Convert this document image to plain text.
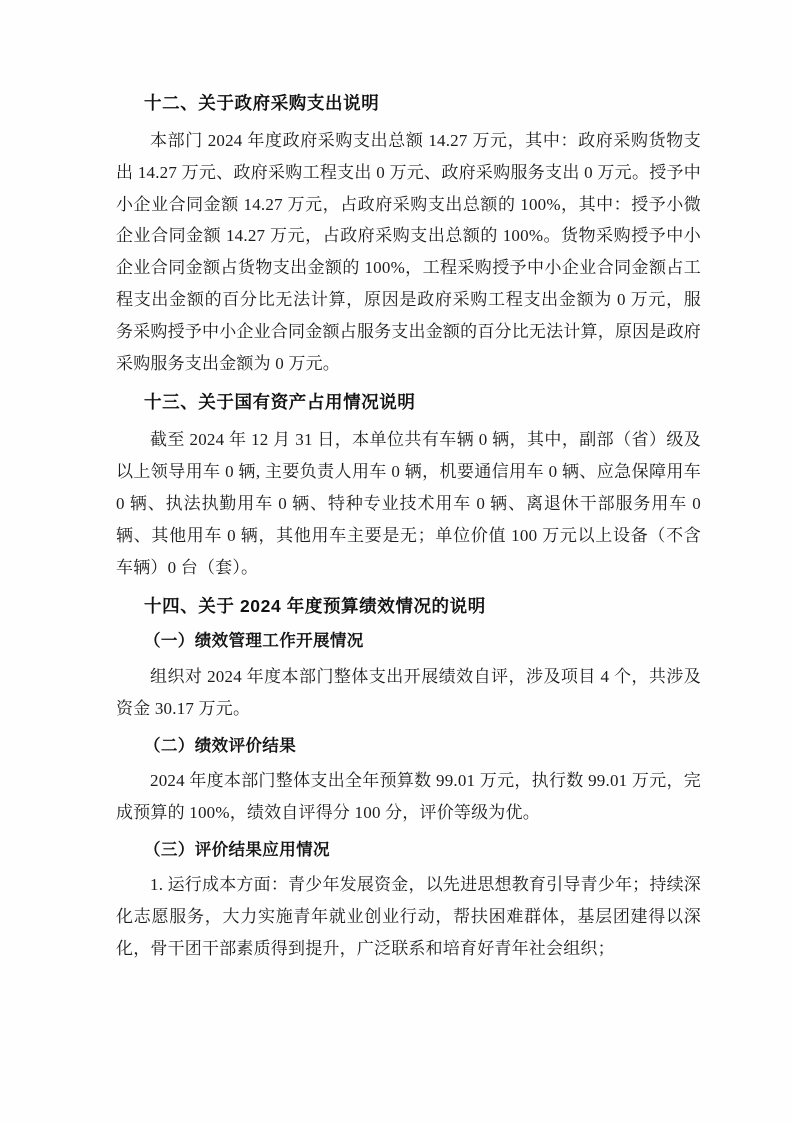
十二、关于政府采购支出说明

本部门 2024 年度政府采购支出总额 14.27 万元，其中：政府采购货物支出 14.27 万元、政府采购工程支出 0 万元、政府采购服务支出 0 万元。授予中小企业合同金额 14.27 万元，占政府采购支出总额的 100%，其中：授予小微企业合同金额 14.27 万元，占政府采购支出总额的 100%。货物采购授予中小企业合同金额占货物支出金额的 100%，工程采购授予中小企业合同金额占工程支出金额的百分比无法计算，原因是政府采购工程支出金额为 0 万元，服务采购授予中小企业合同金额占服务支出金额的百分比无法计算，原因是政府采购服务支出金额为 0 万元。

十三、关于国有资产占用情况说明

截至 2024 年 12 月 31 日，本单位共有车辆 0 辆，其中，副部（省）级及以上领导用车 0 辆, 主要负责人用车 0 辆，机要通信用车 0 辆、应急保障用车 0 辆、执法执勤用车 0 辆、特种专业技术用车 0 辆、离退休干部服务用车 0 辆、其他用车 0 辆，其他用车主要是无；单位价值 100 万元以上设备（不含车辆）0 台（套）。

十四、关于 2024 年度预算绩效情况的说明
（一）绩效管理工作开展情况

组织对 2024 年度本部门整体支出开展绩效自评，涉及项目 4 个，共涉及资金 30.17 万元。

（二）绩效评价结果

2024 年度本部门整体支出全年预算数 99.01 万元，执行数 99.01 万元，完成预算的 100%，绩效自评得分 100 分，评价等级为优。

（三）评价结果应用情况

1. 运行成本方面：青少年发展资金，以先进思想教育引导青少年；持续深化志愿服务，大力实施青年就业创业行动，帮扶困难群体，基层团建得以深化，骨干团干部素质得到提升，广泛联系和培育好青年社会组织；
